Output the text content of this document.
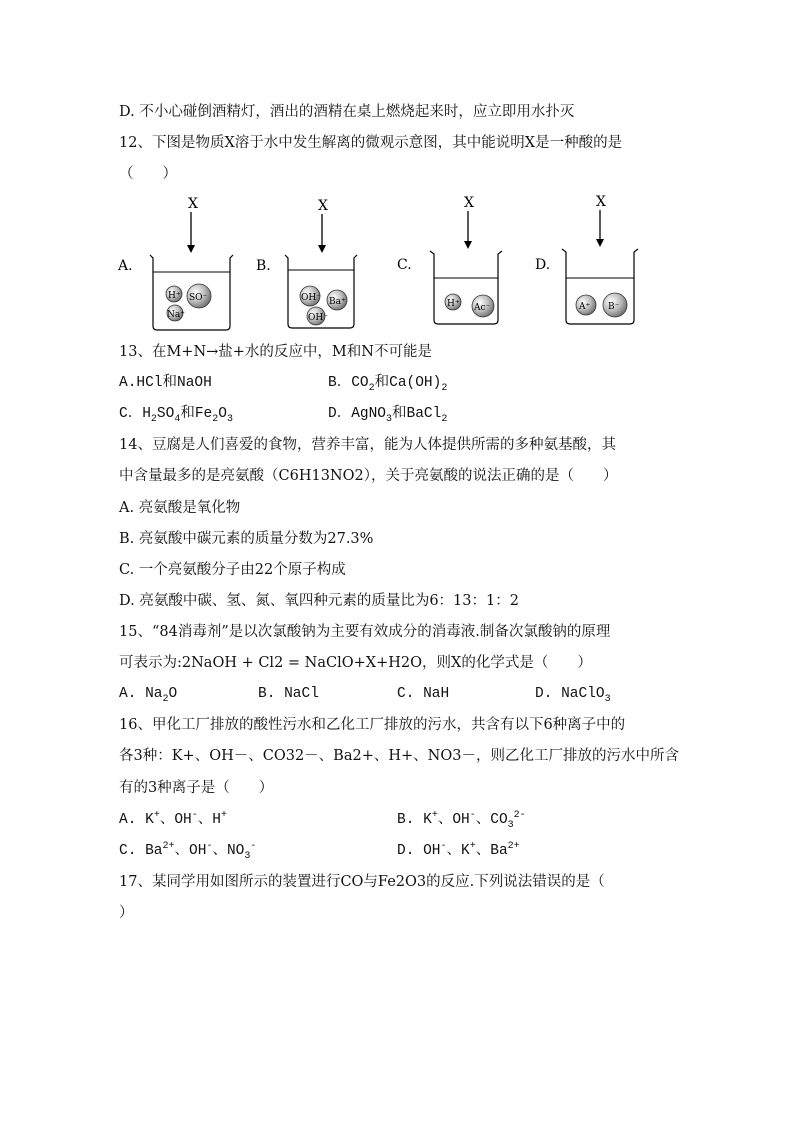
D. 不小心碰倒酒精灯，酒出的酒精在桌上燃烧起来时，应立即用水扑灭
12、下图是物质X溶于水中发生解离的微观示意图，其中能说明X是一种酸的是
（　　）
X
A.
H⁺ SO⁻
Na⁺
X
B.
OH⁻ Ba⁺
OH⁻
X
C.
H⁺ Ac⁻
X
D.
A⁺ B⁻
13、在M+N→盐+水的反应中，M和N不可能是
A.HCl和NaOH	B．$CO_2$和$Ca(OH)_2$
C．$H_2SO_4$和$Fe_2O_3$	D．AgNO$_3$和BaCl$_2$
14、豆腐是人们喜爱的食物，营养丰富，能为人体提供所需的多种氨基酸，其
中含量最多的是亮氨酸（C6H13NO2），关于亮氨酸的说法正确的是（　　）
A. 亮氨酸是氧化物
B. 亮氨酸中碳元素的质量分数为27.3%
C. 一个亮氨酸分子由22个原子构成
D. 亮氨酸中碳、氢、氮、氧四种元素的质量比为6：13：1：2
15、“84消毒剂”是以次氯酸钠为主要有效成分的消毒液.制备次氯酸钠的原理
可表示为:2NaOH + Cl2 = NaClO+X+H2O，则X的化学式是（　　）
A. $Na_2O$	B. NaCl	C. NaH	D. NaClO$_3$
16、甲化工厂排放的酸性污水和乙化工厂排放的污水，共含有以下6种离子中的
各3种：K+、OH－、CO32－、Ba2+、H+、NO3－，则乙化工厂排放的污水中所含
有的3种离子是（　　）
A. K+、OH-、H+	B. K+、OH-、$CO_3^{2-}$
C. $Ba^{2+}$、OH-、$NO_3^-$	D. OH-、K+、$Ba^{2+}$
17、某同学用如图所示的装置进行CO与Fe2O3的反应.下列说法错误的是（
）
